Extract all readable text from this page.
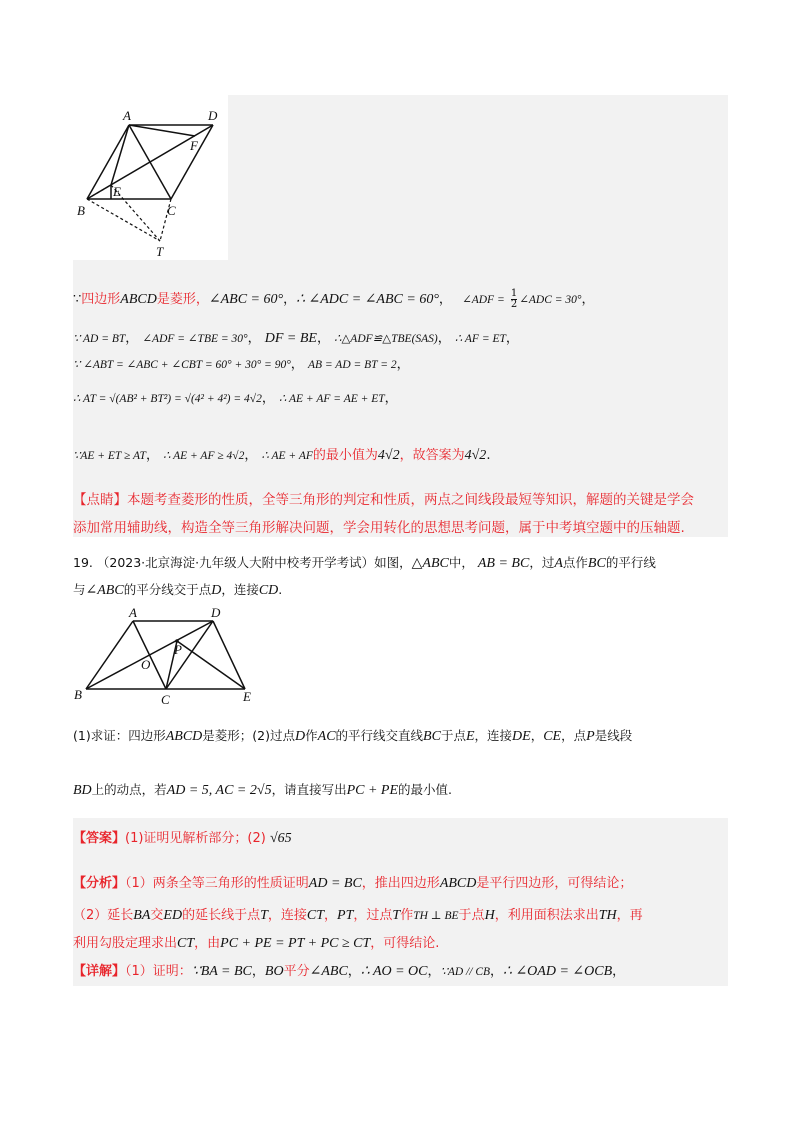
A	D
F
E
B	C
T
∵四边形ABCD是菱形，∠ABC = 60°，∴ ∠ADC = ∠ABC = 60°， ∠ADF = $\frac{1}{2}$ ∠ADC = 30°，
∵ AD = BT， ∠ADF = ∠TBE = 30°， DF = BE， ∴△ADF≌△TBE(SAS)， ∴ AF = ET，
∵ ∠ABT = ∠ABC + ∠CBT = 60° + 30° = 90°， AB = AD = BT = 2，
∴ AT = √(AB² + BT²) = √(4² + 4²) = 4√2， ∴ AE + AF = AE + ET，
∵AE + ET ≥ AT， ∴ AE + AF ≥ 4√2， ∴ AE + AF的最小值为4√2，故答案为4√2.
【点睛】本题考查菱形的性质，全等三角形的判定和性质，两点之间线段最短等知识，解题的关键是学会
添加常用辅助线，构造全等三角形解决问题，学会用转化的思想思考问题，属于中考填空题中的压轴题.
19. （2023·北京海淀·九年级人大附中校考开学考试）如图，△ABC中， AB = BC，过A点作BC的平行线
与∠ABC的平分线交于点D，连接CD.
A	D
P
O
B	C	E
(1)求证：四边形ABCD是菱形；(2)过点D作AC的平行线交直线BC于点E，连接DE，CE，点P是线段
BD上的动点，若AD = 5, AC = 2√5，请直接写出PC + PE的最小值.
【答案】(1)证明见解析部分；(2) √65
【分析】（1）两条全等三角形的性质证明AD = BC，推出四边形ABCD是平行四边形，可得结论；
（2）延长BA交ED的延长线于点T，连接CT，PT，过点T作TH ⊥ BE于点H，利用面积法求出TH，再
利用勾股定理求出CT，由PC + PE = PT + PC ≥ CT，可得结论.
【详解】（1）证明：∵BA = BC，BO平分∠ABC，∴ AO = OC，∵AD // CB，∴ ∠OAD = ∠OCB，
